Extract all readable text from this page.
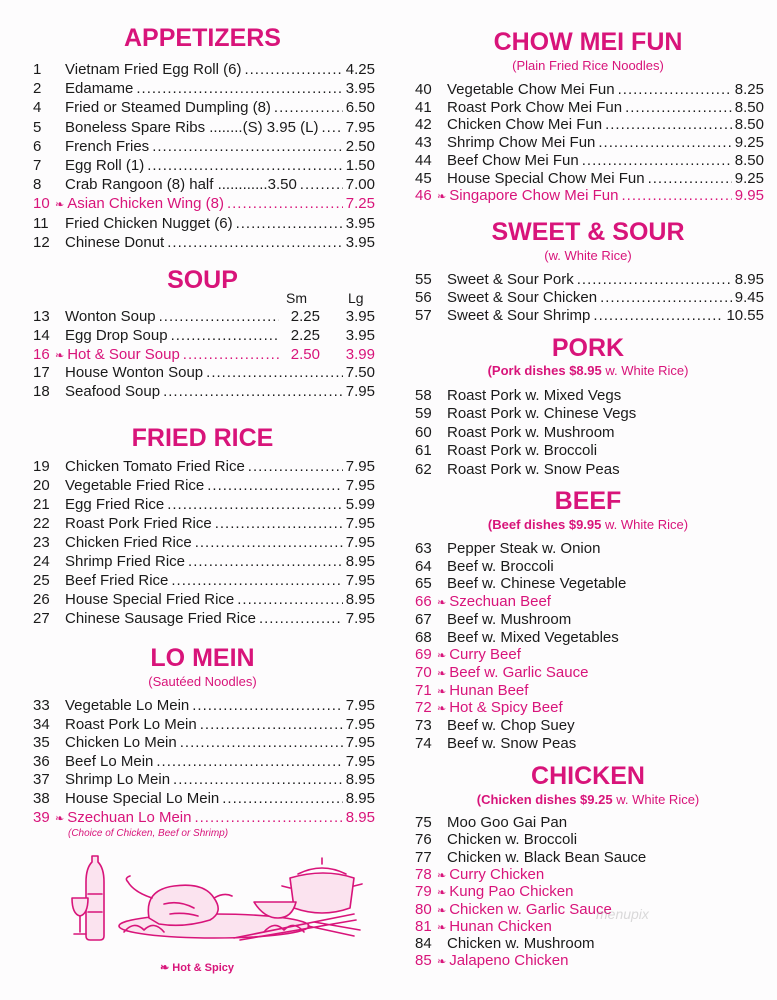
APPETIZERS
1	Vietnam Fried Egg Roll (6) .....	4.25
2	Edamame .....	3.95
4	Fried or Steamed Dumpling (8) .....	6.50
5	Boneless Spare Ribs ........(S) 3.95 (L) ..... 7.95
6	French Fries .....	2.50
7	Egg Roll (1) .....	1.50
8	Crab Rangoon (8) half ............3.50 .....	7.00
10 ❧ Asian Chicken Wing (8) .....	7.25
11	Fried Chicken Nugget (6) .....	3.95
12	Chinese Donut .....	3.95
SOUP
Sm	Lg
13	Wonton Soup .....	2.25	3.95
14	Egg Drop Soup .....	2.25	3.95
16 ❧ Hot & Sour Soup .....	2.50	3.99
17	House Wonton Soup .....	7.50
18	Seafood Soup .....	7.95
FRIED RICE
19	Chicken Tomato Fried Rice .....	7.95
20	Vegetable Fried Rice .....	7.95
21	Egg Fried Rice .....	5.99
22	Roast Pork Fried Rice .....	7.95
23	Chicken Fried Rice .....	7.95
24	Shrimp Fried Rice .....	8.95
25	Beef Fried Rice .....	7.95
26	House Special Fried Rice .....	8.95
27	Chinese Sausage Fried Rice .....	7.95
LO MEIN
(Sautéed Noodles)
33	Vegetable Lo Mein .....	7.95
34	Roast Pork Lo Mein .....	7.95
35	Chicken Lo Mein .....	7.95
36	Beef Lo Mein .....	7.95
37	Shrimp Lo Mein .....	8.95
38	House Special Lo Mein .....	8.95
39 ❧ Szechuan Lo Mein .....	8.95
(Choice of Chicken, Beef or Shrimp)
❧ Hot & Spicy
CHOW MEI FUN
(Plain Fried Rice Noodles)
40	Vegetable Chow Mei Fun .....	8.25
41	Roast Pork Chow Mei Fun .....	8.50
42	Chicken Chow Mei Fun .....	8.50
43	Shrimp Chow Mei Fun .....	9.25
44	Beef Chow Mei Fun .....	8.50
45	House Special Chow Mei Fun .....	9.25
46 ❧ Singapore Chow Mei Fun .....	9.95
SWEET & SOUR
(w. White Rice)
55	Sweet & Sour Pork .....	8.95
56	Sweet & Sour Chicken .....	9.45
57	Sweet & Sour Shrimp .....	10.55
PORK
(Pork dishes $8.95 w. White Rice)
58	Roast Pork w. Mixed Vegs
59	Roast Pork w. Chinese Vegs
60	Roast Pork w. Mushroom
61	Roast Pork w. Broccoli
62	Roast Pork w. Snow Peas
BEEF
(Beef dishes $9.95 w. White Rice)
63	Pepper Steak w. Onion
64	Beef w. Broccoli
65	Beef w. Chinese Vegetable
66 ❧ Szechuan Beef
67	Beef w. Mushroom
68	Beef w. Mixed Vegetables
69 ❧ Curry Beef
70 ❧ Beef w. Garlic Sauce
71 ❧ Hunan Beef
72 ❧ Hot & Spicy Beef
73	Beef w. Chop Suey
74	Beef w. Snow Peas
CHICKEN
(Chicken dishes $9.25 w. White Rice)
75	Moo Goo Gai Pan
76	Chicken w. Broccoli
77	Chicken w. Black Bean Sauce
78 ❧ Curry Chicken
79 ❧ Kung Pao Chicken
80 ❧ Chicken w. Garlic Sauce
81 ❧ Hunan Chicken
84	Chicken w. Mushroom
85 ❧ Jalapeno Chicken
menupix
